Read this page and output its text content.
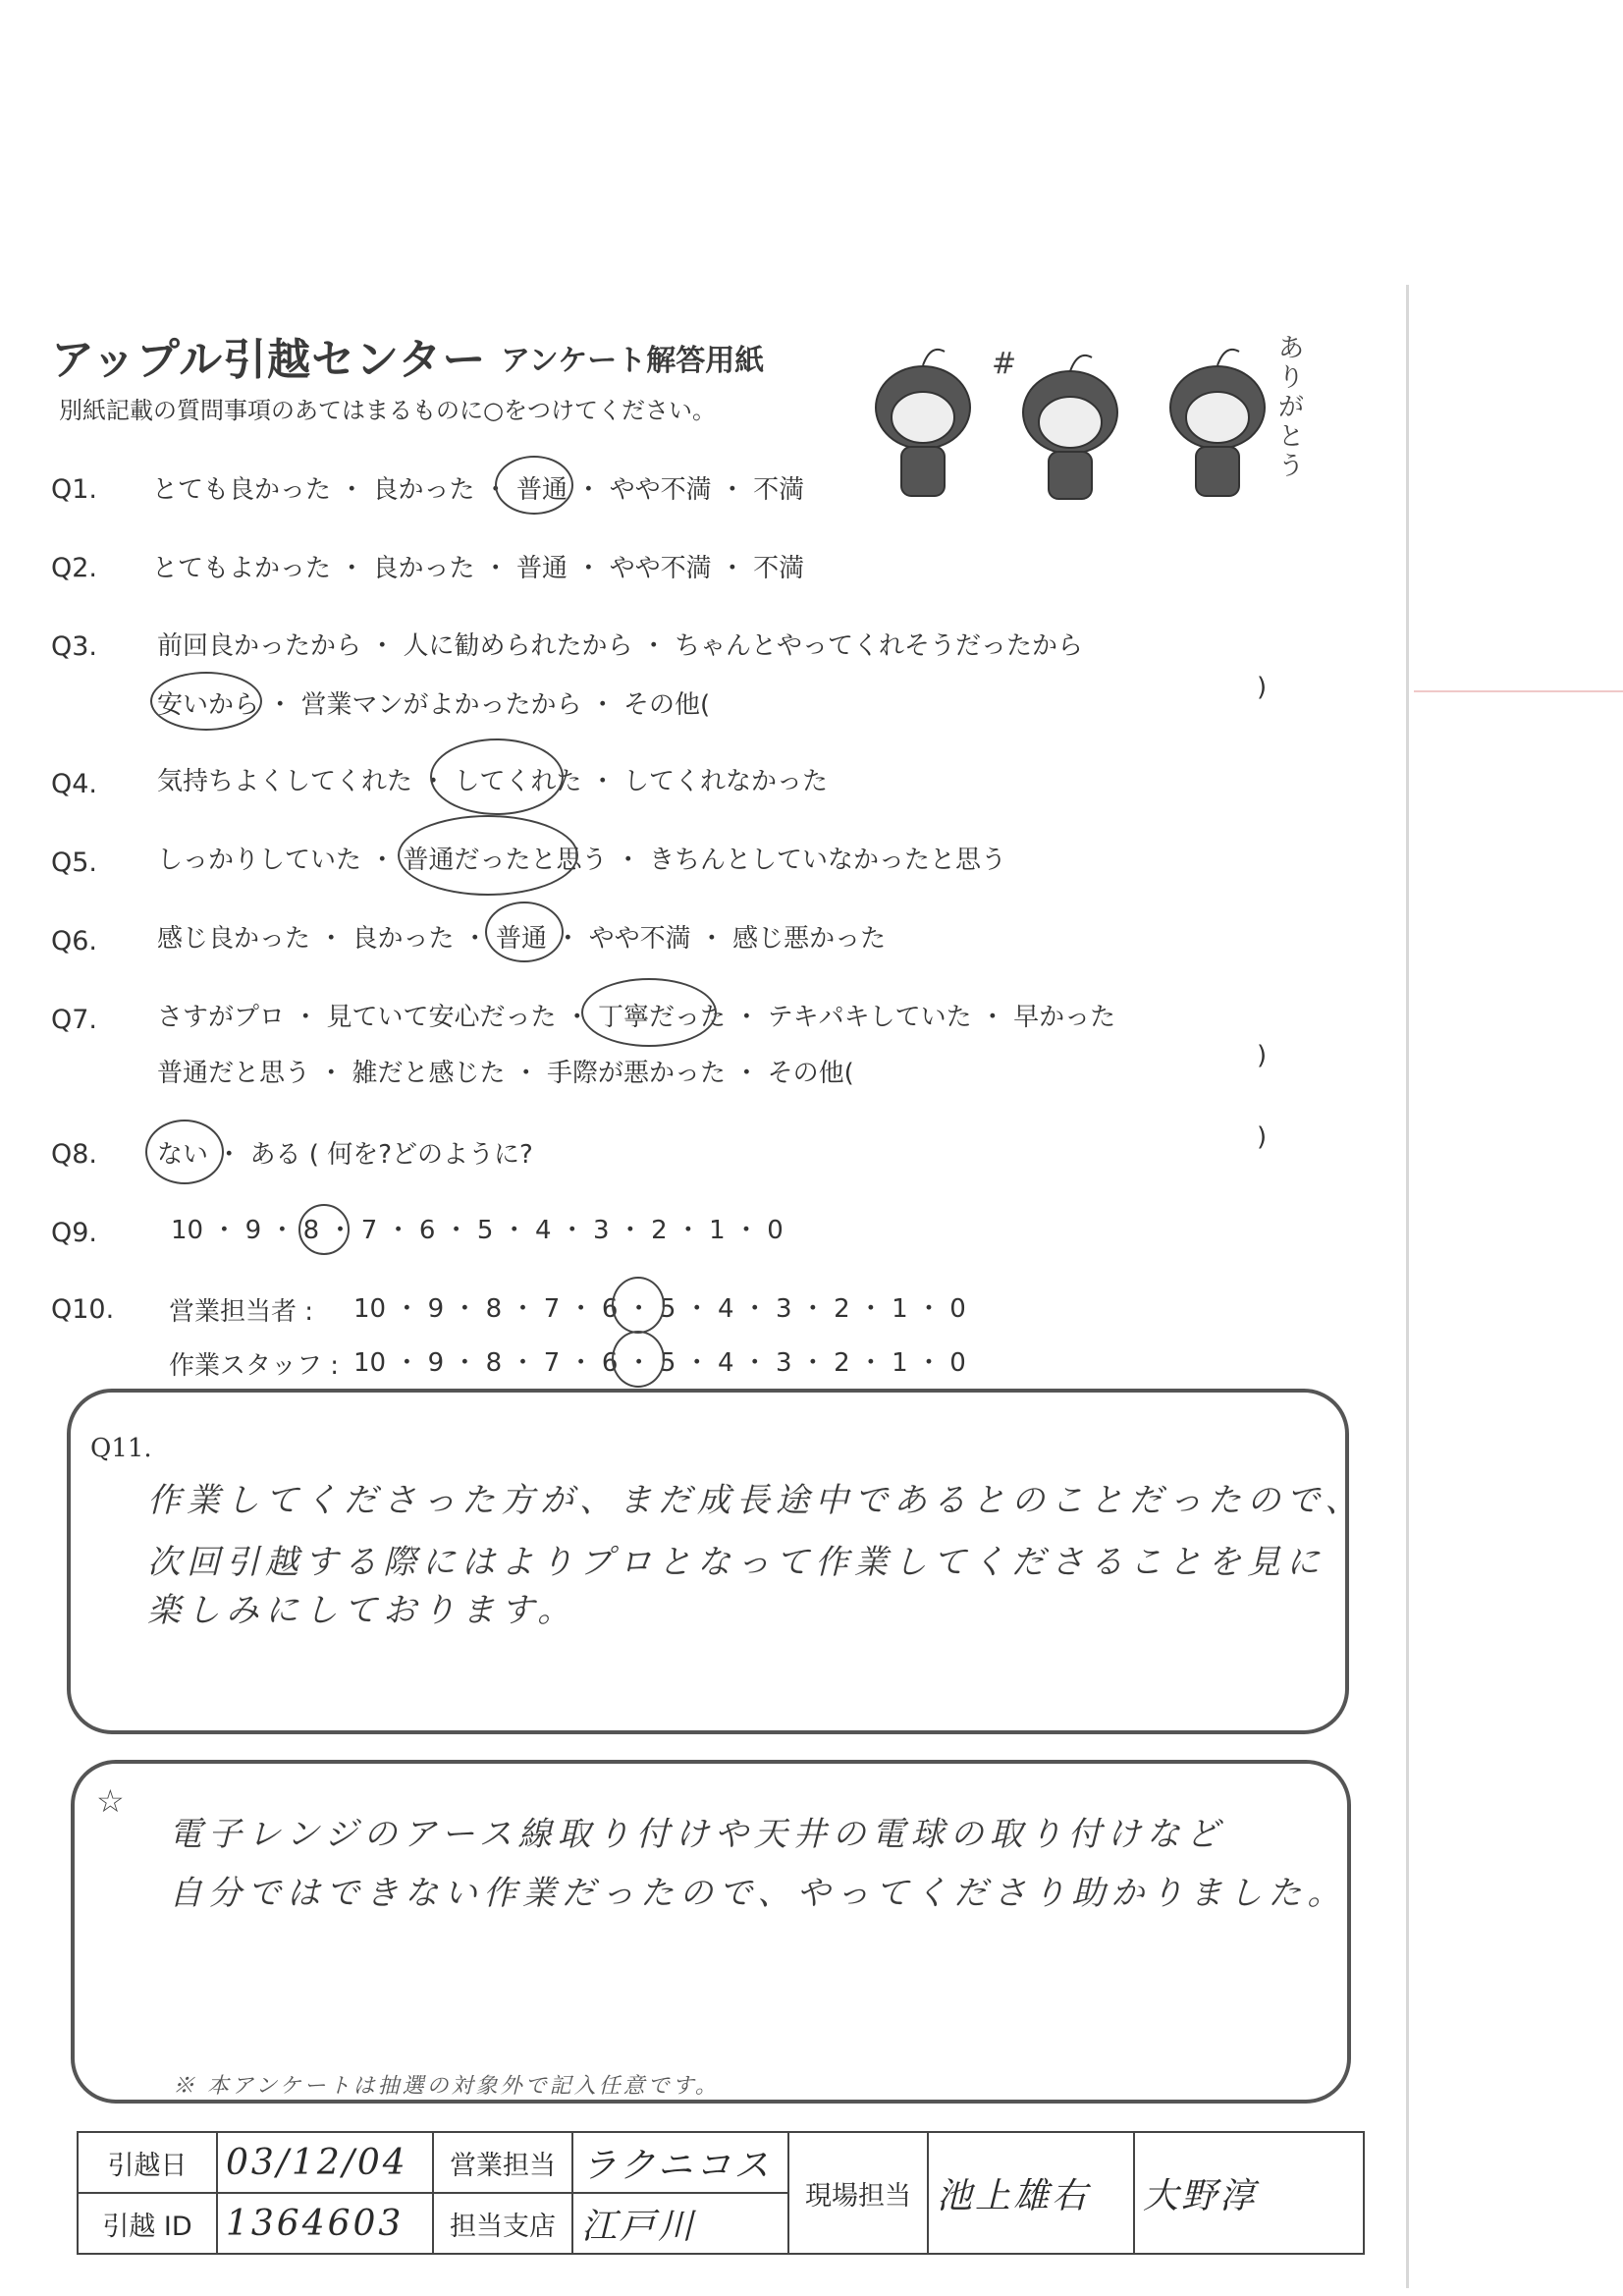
アップル引越センター アンケート解答用紙
別紙記載の質問事項のあてはまるものに○をつけてください。
#	ありがとう
Q1. とても良かった ・ 良かった ・ 普通 ・ やや不満 ・ 不満
Q2. とてもよかった ・ 良かった ・ 普通 ・ やや不満 ・ 不満
Q3. 前回良かったから ・ 人に勧められたから ・ ちゃんとやってくれそうだったから
安いから ・ 営業マンがよかったから ・ その他(
)
Q4. 気持ちよくしてくれた ・ してくれた ・ してくれなかった
Q5. しっかりしていた ・ 普通だったと思う ・ きちんとしていなかったと思う
Q6. 感じ良かった ・ 良かった ・ 普通 ・ やや不満 ・ 感じ悪かった
Q7. さすがプロ ・ 見ていて安心だった ・ 丁寧だった ・ テキパキしていた ・ 早かった
普通だと思う ・ 雑だと感じた ・ 手際が悪かった ・ その他(
)
Q8. ない ・ ある ( 何を?どのように?
)
Q9.	10 ・ 9 ・ 8 ・ 7 ・ 6 ・ 5 ・ 4 ・ 3 ・ 2 ・ 1 ・ 0
Q10. 営業担当者 : 10 ・ 9 ・ 8 ・ 7 ・ 6 ・ 5 ・ 4 ・ 3 ・ 2 ・ 1 ・ 0
作業スタッフ : 10 ・ 9 ・ 8 ・ 7 ・ 6 ・ 5 ・ 4 ・ 3 ・ 2 ・ 1 ・ 0
Q11.
作業してくださった方が、まだ成長途中であるとのことだったので、
次回引越する際にはよりプロとなって作業してくださることを見に
楽しみにしております。
☆
電子レンジのアース線取り付けや天井の電球の取り付けなど
自分ではできない作業だったので、やってくださり助かりました。
※ 本アンケートは抽選の対象外で記入任意です。
引越日	03/12/04	営業担当	ラクニコス	現場担当	池上雄右	大野淳
引越 ID	1364603	担当支店	江戸川			
